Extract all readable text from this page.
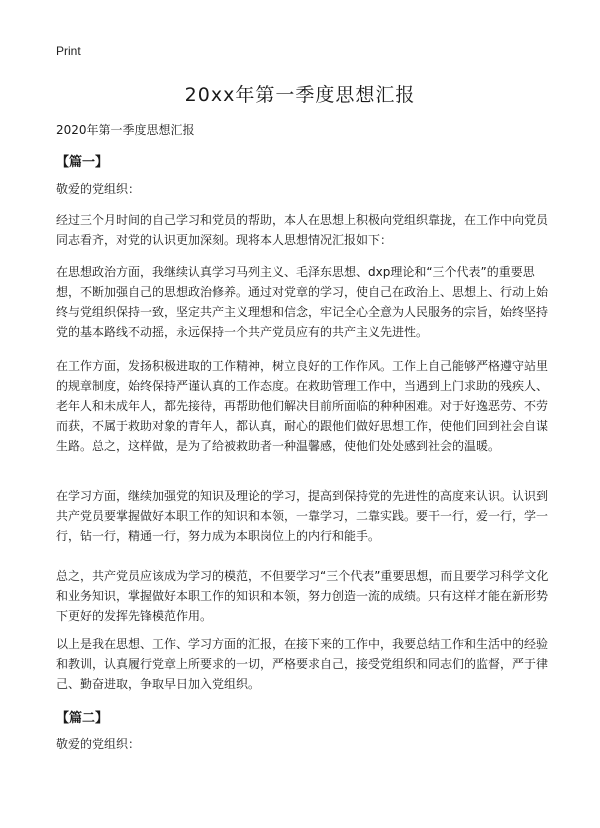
Print
20xx年第一季度思想汇报

2020年第一季度思想汇报

【篇一】

敬爱的党组织：

经过三个月时间的自己学习和党员的帮助，本人在思想上积极向党组织靠拢，在工作中向党员同志看齐，对党的认识更加深刻。现将本人思想情况汇报如下：

在思想政治方面，我继续认真学习马列主义、毛泽东思想、dxp理论和“三个代表”的重要思想，不断加强自己的思想政治修养。通过对党章的学习，使自己在政治上、思想上、行动上始终与党组织保持一致，坚定共产主义理想和信念，牢记全心全意为人民服务的宗旨，始终坚持党的基本路线不动摇，永远保持一个共产党员应有的共产主义先进性。

在工作方面，发扬积极进取的工作精神，树立良好的工作作风。工作上自己能够严格遵守站里的规章制度，始终保持严谨认真的工作态度。在救助管理工作中，当遇到上门求助的残疾人、老年人和未成年人，都先接待，再帮助他们解决目前所面临的种种困难。对于好逸恶劳、不劳而获，不属于救助对象的青年人，都认真，耐心的跟他们做好思想工作，使他们回到社会自谋生路。总之，这样做，是为了给被救助者一种温馨感，使他们处处感到社会的温暖。

在学习方面，继续加强党的知识及理论的学习，提高到保持党的先进性的高度来认识。认识到共产党员要掌握做好本职工作的知识和本领，一靠学习，二靠实践。要干一行，爱一行，学一行，钻一行，精通一行，努力成为本职岗位上的内行和能手。

总之，共产党员应该成为学习的模范，不但要学习“三个代表”重要思想，而且要学习科学文化和业务知识，掌握做好本职工作的知识和本领，努力创造一流的成绩。只有这样才能在新形势下更好的发挥先锋模范作用。

以上是我在思想、工作、学习方面的汇报，在接下来的工作中，我要总结工作和生活中的经验和教训，认真履行党章上所要求的一切，严格要求自己，接受党组织和同志们的监督，严于律己、勤奋进取，争取早日加入党组织。

【篇二】

敬爱的党组织：
